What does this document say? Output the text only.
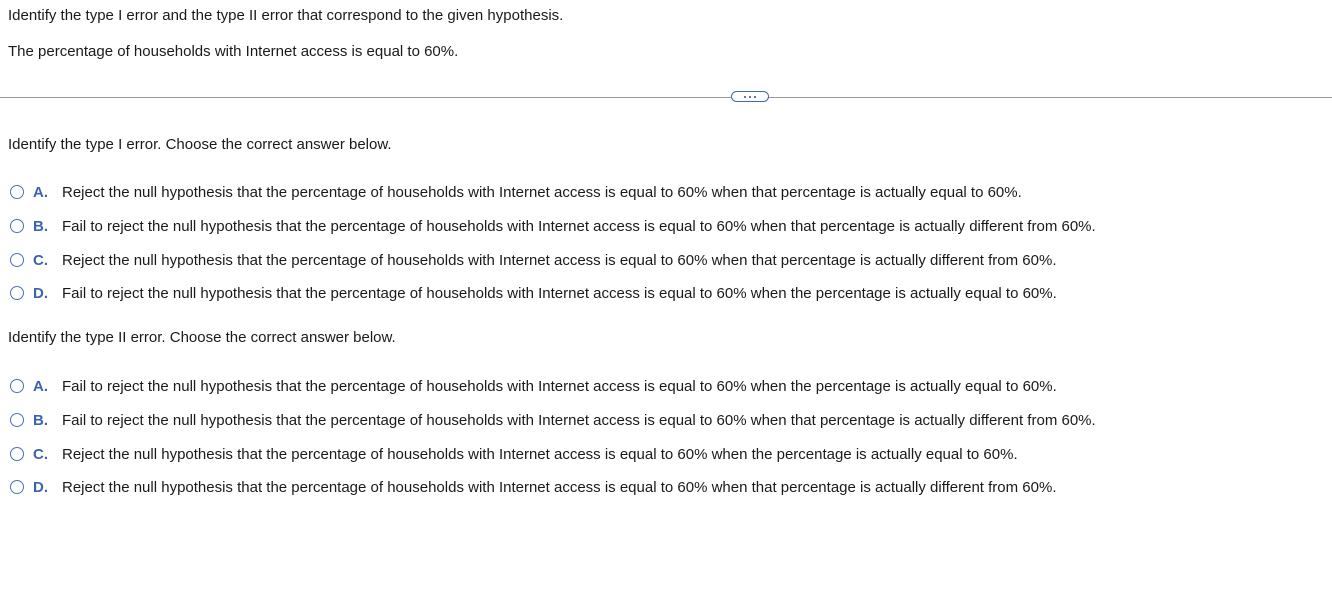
Identify the type I error and the type II error that correspond to the given hypothesis.

The percentage of households with Internet access is equal to 60%.

Identify the type I error. Choose the correct answer below.

A. Reject the null hypothesis that the percentage of households with Internet access is equal to 60% when that percentage is actually equal to 60%.
B. Fail to reject the null hypothesis that the percentage of households with Internet access is equal to 60% when that percentage is actually different from 60%.
C. Reject the null hypothesis that the percentage of households with Internet access is equal to 60% when that percentage is actually different from 60%.
D. Fail to reject the null hypothesis that the percentage of households with Internet access is equal to 60% when the percentage is actually equal to 60%.

Identify the type II error. Choose the correct answer below.

A. Fail to reject the null hypothesis that the percentage of households with Internet access is equal to 60% when the percentage is actually equal to 60%.
B. Fail to reject the null hypothesis that the percentage of households with Internet access is equal to 60% when that percentage is actually different from 60%.
C. Reject the null hypothesis that the percentage of households with Internet access is equal to 60% when the percentage is actually equal to 60%.
D. Reject the null hypothesis that the percentage of households with Internet access is equal to 60% when that percentage is actually different from 60%.
